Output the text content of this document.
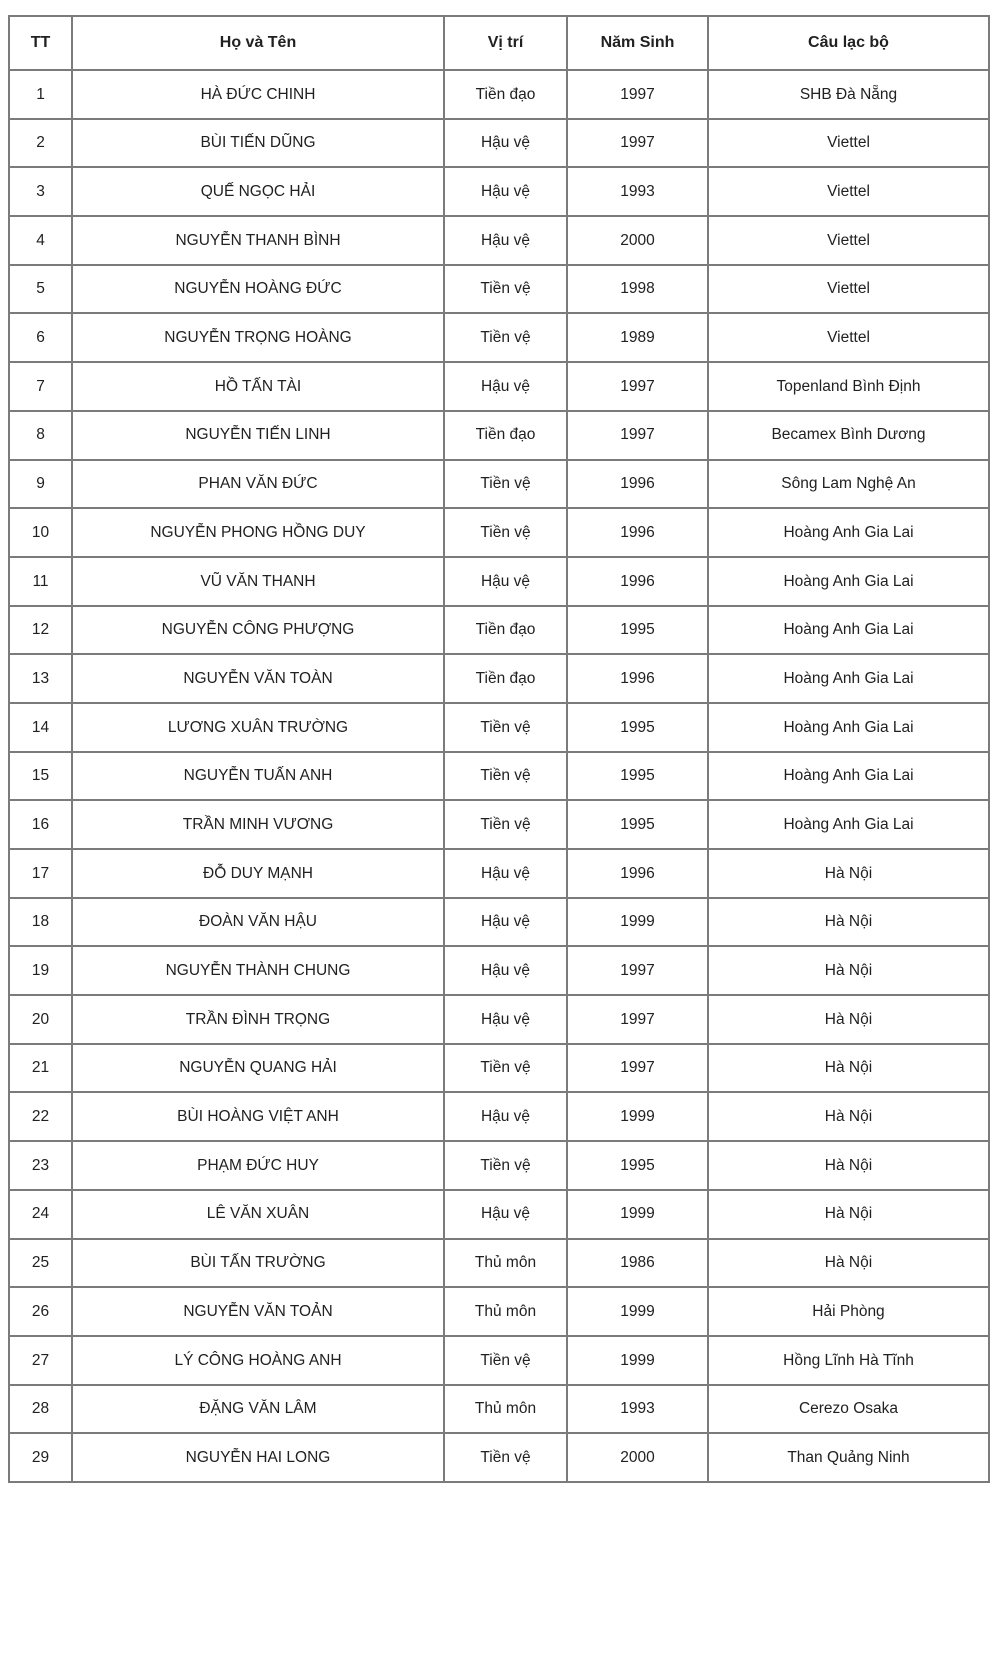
TT	Họ và Tên	Vị trí	Năm Sinh	Câu lạc bộ
1	HÀ ĐỨC CHINH	Tiền đạo	1997	SHB Đà Nẵng
2	BÙI TIẾN DŨNG	Hậu vệ	1997	Viettel
3	QUẾ NGỌC HẢI	Hậu vệ	1993	Viettel
4	NGUYỄN THANH BÌNH	Hậu vệ	2000	Viettel
5	NGUYỄN HOÀNG ĐỨC	Tiền vệ	1998	Viettel
6	NGUYỄN TRỌNG HOÀNG	Tiền vệ	1989	Viettel
7	HỒ TẤN TÀI	Hậu vệ	1997	Topenland Bình Định
8	NGUYỄN TIẾN LINH	Tiền đạo	1997	Becamex Bình Dương
9	PHAN VĂN ĐỨC	Tiền vệ	1996	Sông Lam Nghệ An
10	NGUYỄN PHONG HỒNG DUY	Tiền vệ	1996	Hoàng Anh Gia Lai
11	VŨ VĂN THANH	Hậu vệ	1996	Hoàng Anh Gia Lai
12	NGUYỄN CÔNG PHƯỢNG	Tiền đạo	1995	Hoàng Anh Gia Lai
13	NGUYỄN VĂN TOÀN	Tiền đạo	1996	Hoàng Anh Gia Lai
14	LƯƠNG XUÂN TRƯỜNG	Tiền vệ	1995	Hoàng Anh Gia Lai
15	NGUYỄN TUẤN ANH	Tiền vệ	1995	Hoàng Anh Gia Lai
16	TRẦN MINH VƯƠNG	Tiền vệ	1995	Hoàng Anh Gia Lai
17	ĐỖ DUY MẠNH	Hậu vệ	1996	Hà Nội
18	ĐOÀN VĂN HẬU	Hậu vệ	1999	Hà Nội
19	NGUYỄN THÀNH CHUNG	Hậu vệ	1997	Hà Nội
20	TRẦN ĐÌNH TRỌNG	Hậu vệ	1997	Hà Nội
21	NGUYỄN QUANG HẢI	Tiền vệ	1997	Hà Nội
22	BÙI HOÀNG VIỆT ANH	Hậu vệ	1999	Hà Nội
23	PHẠM ĐỨC HUY	Tiền vệ	1995	Hà Nội
24	LÊ VĂN XUÂN	Hậu vệ	1999	Hà Nội
25	BÙI TẤN TRƯỜNG	Thủ môn	1986	Hà Nội
26	NGUYỄN VĂN TOẢN	Thủ môn	1999	Hải Phòng
27	LÝ CÔNG HOÀNG ANH	Tiền vệ	1999	Hồng Lĩnh Hà Tĩnh
28	ĐẶNG VĂN LÂM	Thủ môn	1993	Cerezo Osaka
29	NGUYỄN HAI LONG	Tiền vệ	2000	Than Quảng Ninh
